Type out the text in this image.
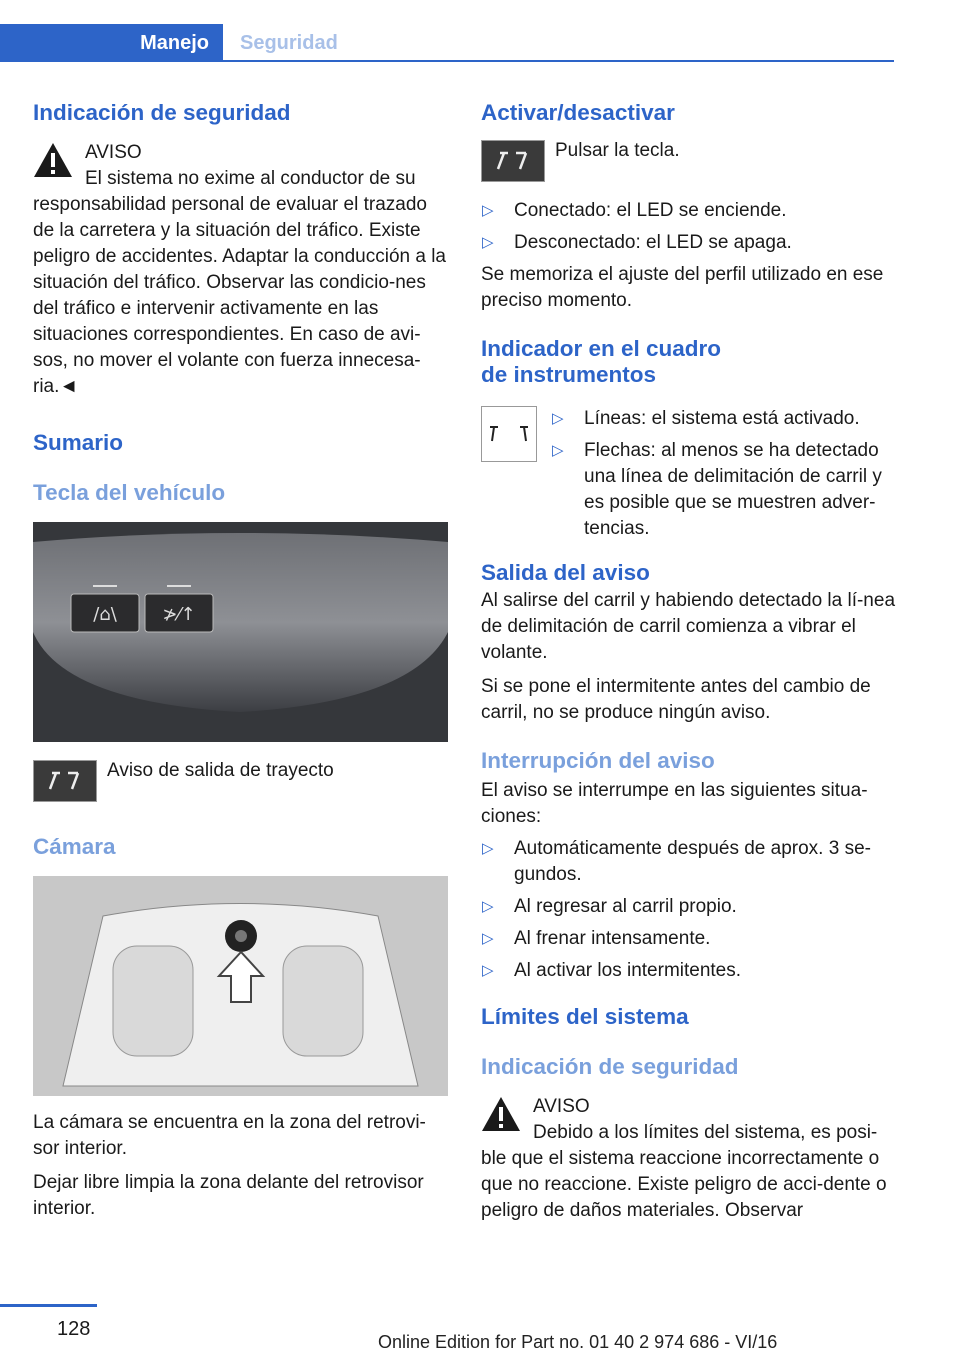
Manejo Seguridad
Indicación de seguridad

AVISO

El sistema no exime al conductor de su

responsabilidad personal de evaluar el trazado de la carretera y la situación del tráfico. Existe peligro de accidentes. Adaptar la conducción a la situación del tráfico. Observar las condicio‐nes del tráfico e intervenir activamente en las situaciones correspondientes. En caso de avi‐sos, no mover el volante con fuerza innecesa‐ria.◄

Sumario
Tecla del vehículo
/⌂\	≯⁄↑

Aviso de salida de trayecto

Cámara

La cámara se encuentra en la zona del retrovi‐sor interior.

Dejar libre limpia la zona delante del retrovisor interior.

Activar/desactivar

Pulsar la tecla.

▷ Conectado: el LED se enciende.
▷ Desconectado: el LED se apaga.

Se memoriza el ajuste del perfil utilizado en ese preciso momento.

Indicador en el cuadro
de instrumentos
▷ Líneas: el sistema está activado.
▷ Flechas: al menos se ha detectado una línea de delimitación de carril y es posible que se muestren adver‐tencias.
Salida del aviso

Al salirse del carril y habiendo detectado la lí‐nea de delimitación de carril comienza a vibrar el volante.

Si se pone el intermitente antes del cambio de carril, no se produce ningún aviso.

Interrupción del aviso

El aviso se interrumpe en las siguientes situa‐ciones:

▷ Automáticamente después de aprox. 3 se‐gundos.
▷ Al regresar al carril propio.
▷ Al frenar intensamente.
▷ Al activar los intermitentes.
Límites del sistema
Indicación de seguridad

AVISO

Debido a los límites del sistema, es posi‐

ble que el sistema reaccione incorrectamente o que no reaccione. Existe peligro de acci‐dente o peligro de daños materiales. Observar

128
Online Edition for Part no. 01 40 2 974 686 - VI/16
